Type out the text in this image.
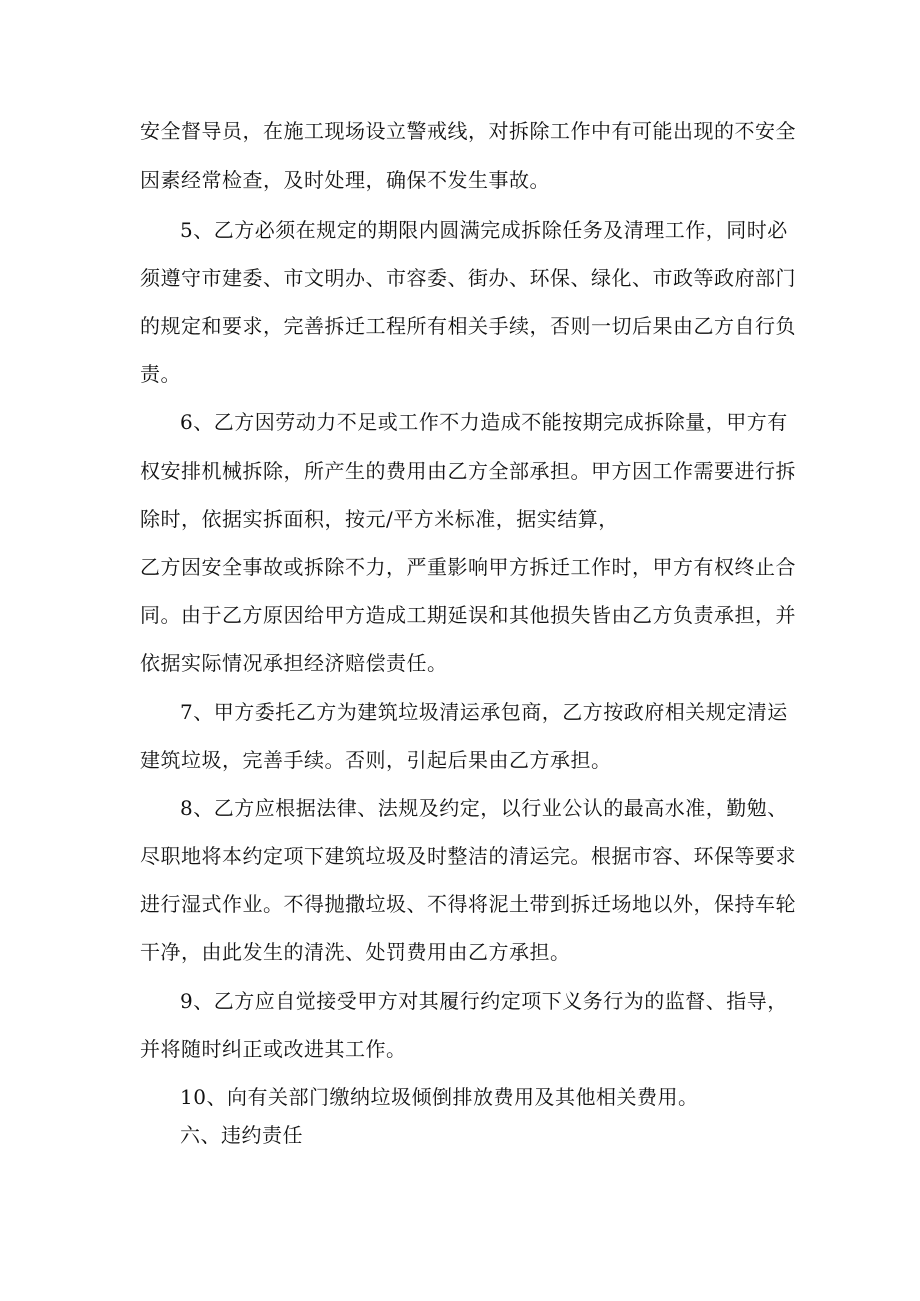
安全督导员，在施工现场设立警戒线，对拆除工作中有可能出现的不安全
因素经常检查，及时处理，确保不发生事故。
5、乙方必须在规定的期限内圆满完成拆除任务及清理工作，同时必
须遵守市建委、市文明办、市容委、街办、环保、绿化、市政等政府部门
的规定和要求，完善拆迁工程所有相关手续，否则一切后果由乙方自行负
责。
6、乙方因劳动力不足或工作不力造成不能按期完成拆除量，甲方有
权安排机械拆除，所产生的费用由乙方全部承担。甲方因工作需要进行拆
除时，依据实拆面积，按元/平方米标准，据实结算，
乙方因安全事故或拆除不力，严重影响甲方拆迁工作时，甲方有权终止合
同。由于乙方原因给甲方造成工期延误和其他损失皆由乙方负责承担，并
依据实际情况承担经济赔偿责任。
7、甲方委托乙方为建筑垃圾清运承包商，乙方按政府相关规定清运
建筑垃圾，完善手续。否则，引起后果由乙方承担。
8、乙方应根据法律、法规及约定，以行业公认的最高水准，勤勉、
尽职地将本约定项下建筑垃圾及时整洁的清运完。根据市容、环保等要求
进行湿式作业。不得抛撒垃圾、不得将泥土带到拆迁场地以外，保持车轮
干净，由此发生的清洗、处罚费用由乙方承担。
9、乙方应自觉接受甲方对其履行约定项下义务行为的监督、指导，
并将随时纠正或改进其工作。
10、向有关部门缴纳垃圾倾倒排放费用及其他相关费用。
六、违约责任
